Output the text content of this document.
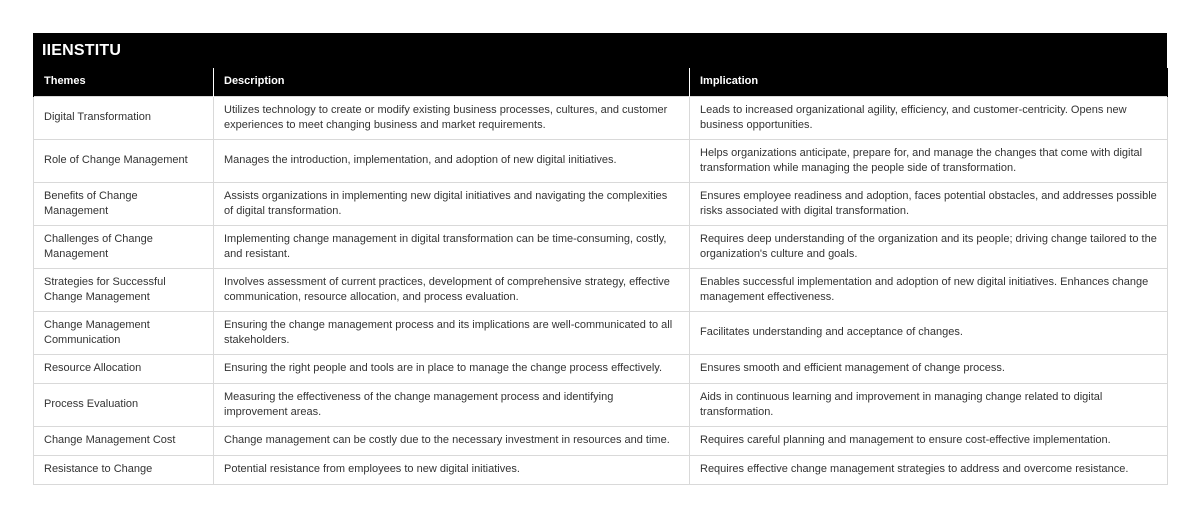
IIENSTITU
Themes	Description	Implication
Digital Transformation	Utilizes technology to create or modify existing business processes, cultures, and customer experiences to meet changing business and market requirements.	Leads to increased organizational agility, efficiency, and customer-centricity. Opens new business opportunities.
Role of Change Management	Manages the introduction, implementation, and adoption of new digital initiatives.	Helps organizations anticipate, prepare for, and manage the changes that come with digital transformation while managing the people side of transformation.
Benefits of Change Management	Assists organizations in implementing new digital initiatives and navigating the complexities of digital transformation.	Ensures employee readiness and adoption, faces potential obstacles, and addresses possible risks associated with digital transformation.
Challenges of Change Management	Implementing change management in digital transformation can be time-consuming, costly, and resistant.	Requires deep understanding of the organization and its people; driving change tailored to the organization's culture and goals.
Strategies for Successful Change Management	Involves assessment of current practices, development of comprehensive strategy, effective communication, resource allocation, and process evaluation.	Enables successful implementation and adoption of new digital initiatives. Enhances change management effectiveness.
Change Management Communication	Ensuring the change management process and its implications are well-communicated to all stakeholders.	Facilitates understanding and acceptance of changes.
Resource Allocation	Ensuring the right people and tools are in place to manage the change process effectively.	Ensures smooth and efficient management of change process.
Process Evaluation	Measuring the effectiveness of the change management process and identifying improvement areas.	Aids in continuous learning and improvement in managing change related to digital transformation.
Change Management Cost	Change management can be costly due to the necessary investment in resources and time.	Requires careful planning and management to ensure cost-effective implementation.
Resistance to Change	Potential resistance from employees to new digital initiatives.	Requires effective change management strategies to address and overcome resistance.
